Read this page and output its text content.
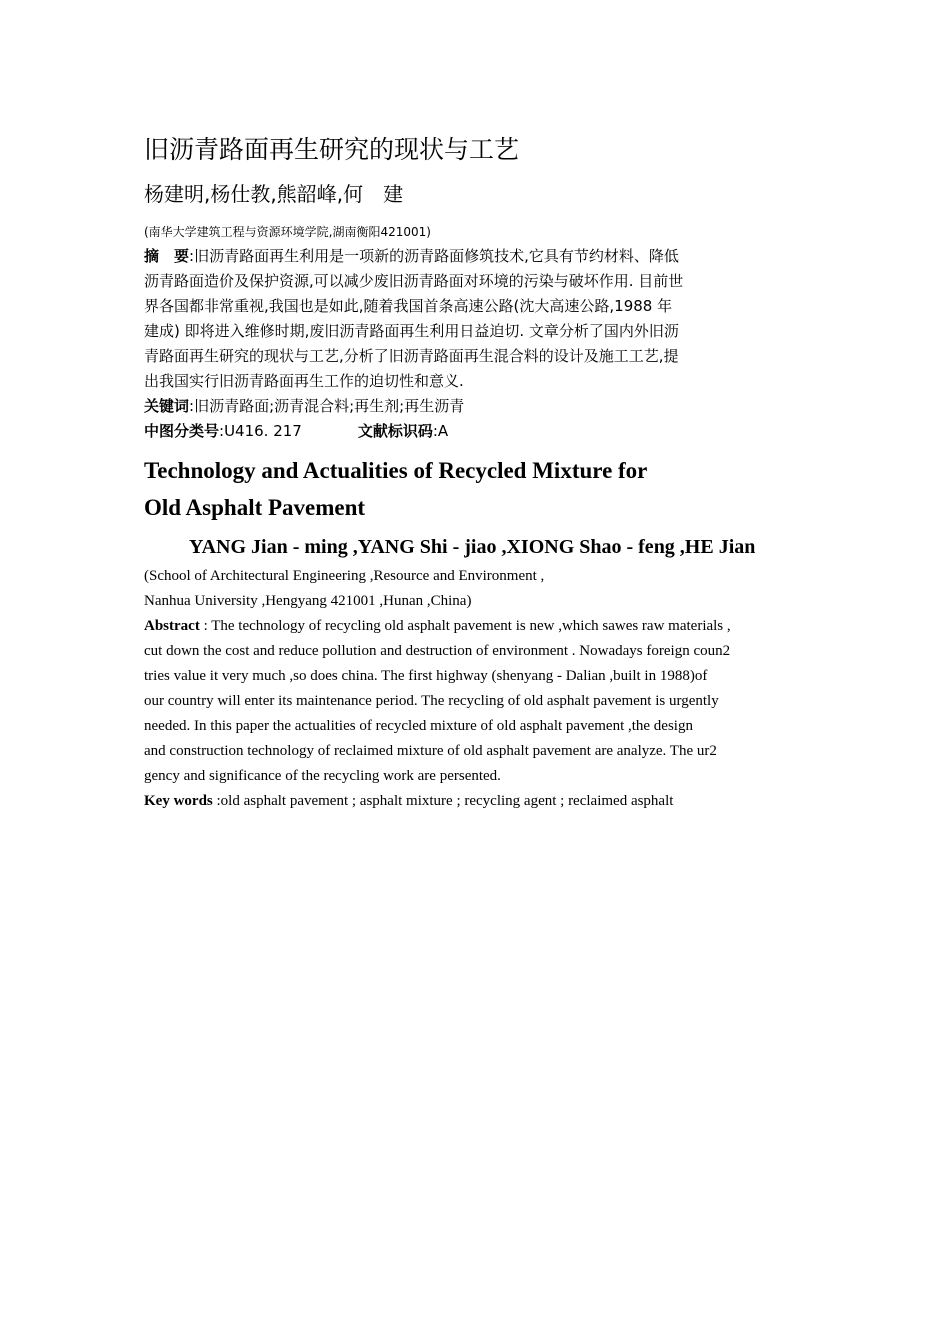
旧沥青路面再生研究的现状与工艺
杨建明,杨仕教,熊韶峰,何　建
(南华大学建筑工程与资源环境学院,湖南衡阳421001)

摘　要:旧沥青路面再生利用是一项新的沥青路面修筑技术,它具有节约材料、降低

沥青路面造价及保护资源,可以减少废旧沥青路面对环境的污染与破坏作用. 目前世

界各国都非常重视,我国也是如此,随着我国首条高速公路(沈大高速公路,1988 年

建成) 即将进入维修时期,废旧沥青路面再生利用日益迫切. 文章分析了国内外旧沥

青路面再生研究的现状与工艺,分析了旧沥青路面再生混合料的设计及施工工艺,提

出我国实行旧沥青路面再生工作的迫切性和意义.

关键词:旧沥青路面;沥青混合料;再生剂;再生沥青

中图分类号:U416. 217	文献标识码:A
Technology and Actualities of Recycled Mixture for
Old Asphalt Pavement
YANG Jian - ming ,YANG Shi - jiao ,XIONG Shao - feng ,HE Jian

(School of Architectural Engineering ,Resource and Environment ,

Nanhua University ,Hengyang 421001 ,Hunan ,China)

Abstract : The technology of recycling old asphalt pavement is new ,which sawes raw materials ,

cut down the cost and reduce pollution and destruction of environment . Nowadays foreign coun2

tries value it very much ,so does china. The first highway (shenyang - Dalian ,built in 1988)of

our country will enter its maintenance period. The recycling of old asphalt pavement is urgently

needed. In this paper the actualities of recycled mixture of old asphalt pavement ,the design

and construction technology of reclaimed mixture of old asphalt pavement are analyze. The ur2

gency and significance of the recycling work are persented.

Key words :old asphalt pavement ; asphalt mixture ; recycling agent ; reclaimed asphalt
